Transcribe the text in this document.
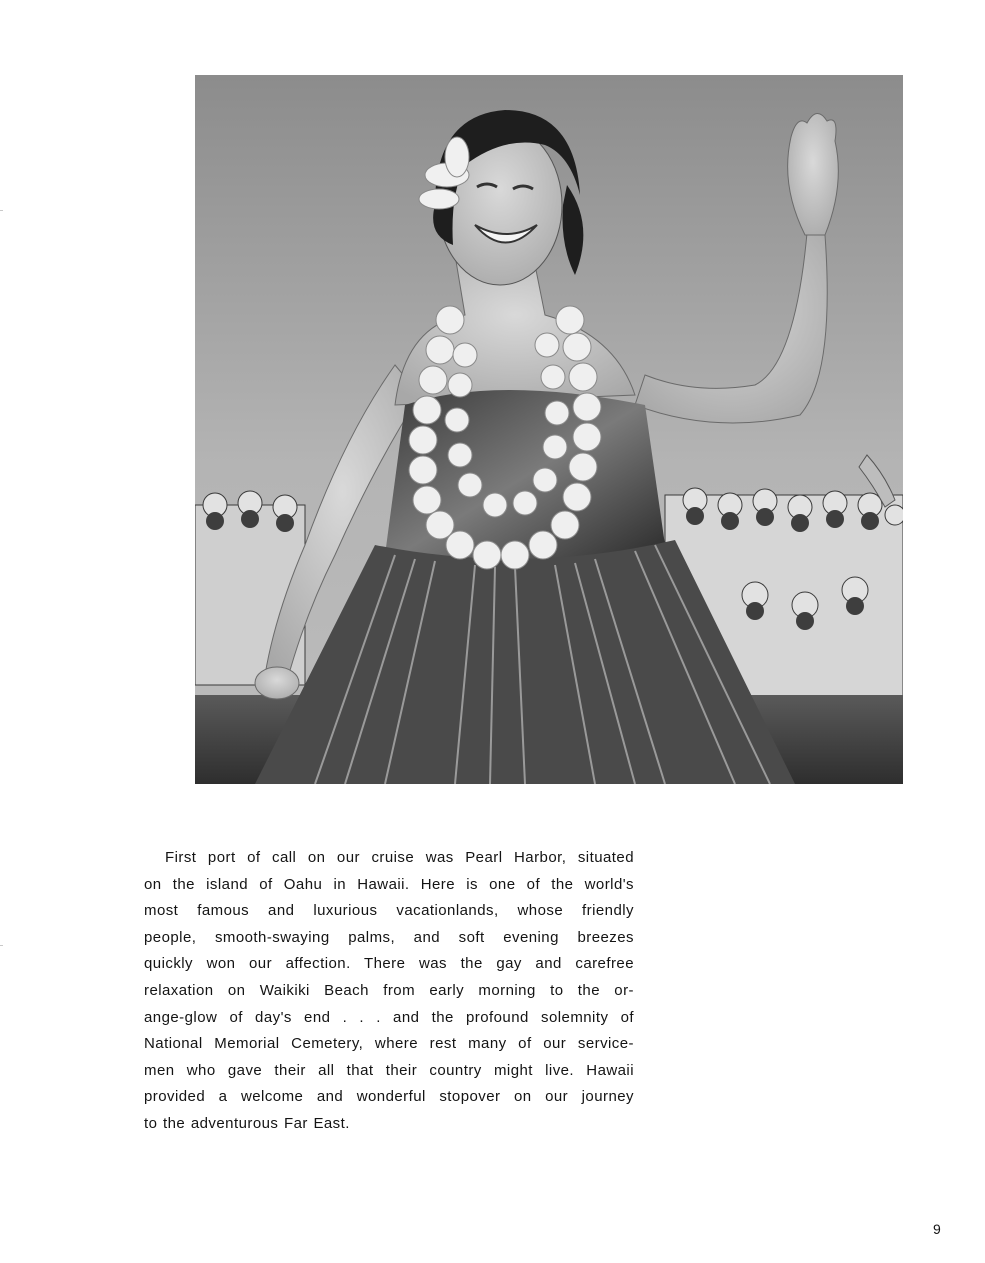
First port of call on our cruise was Pearl Harbor, situated
on the island of Oahu in Hawaii. Here is one of the world's
most famous and luxurious vacationlands, whose friendly
people, smooth-swaying palms, and soft evening breezes
quickly won our affection. There was the gay and carefree
relaxation on Waikiki Beach from early morning to the or-
ange-glow of day's end . . . and the profound solemnity of
National Memorial Cemetery, where rest many of our service-
men who gave their all that their country might live. Hawaii
provided a welcome and wonderful stopover on our journey
to the adventurous Far East.
9
